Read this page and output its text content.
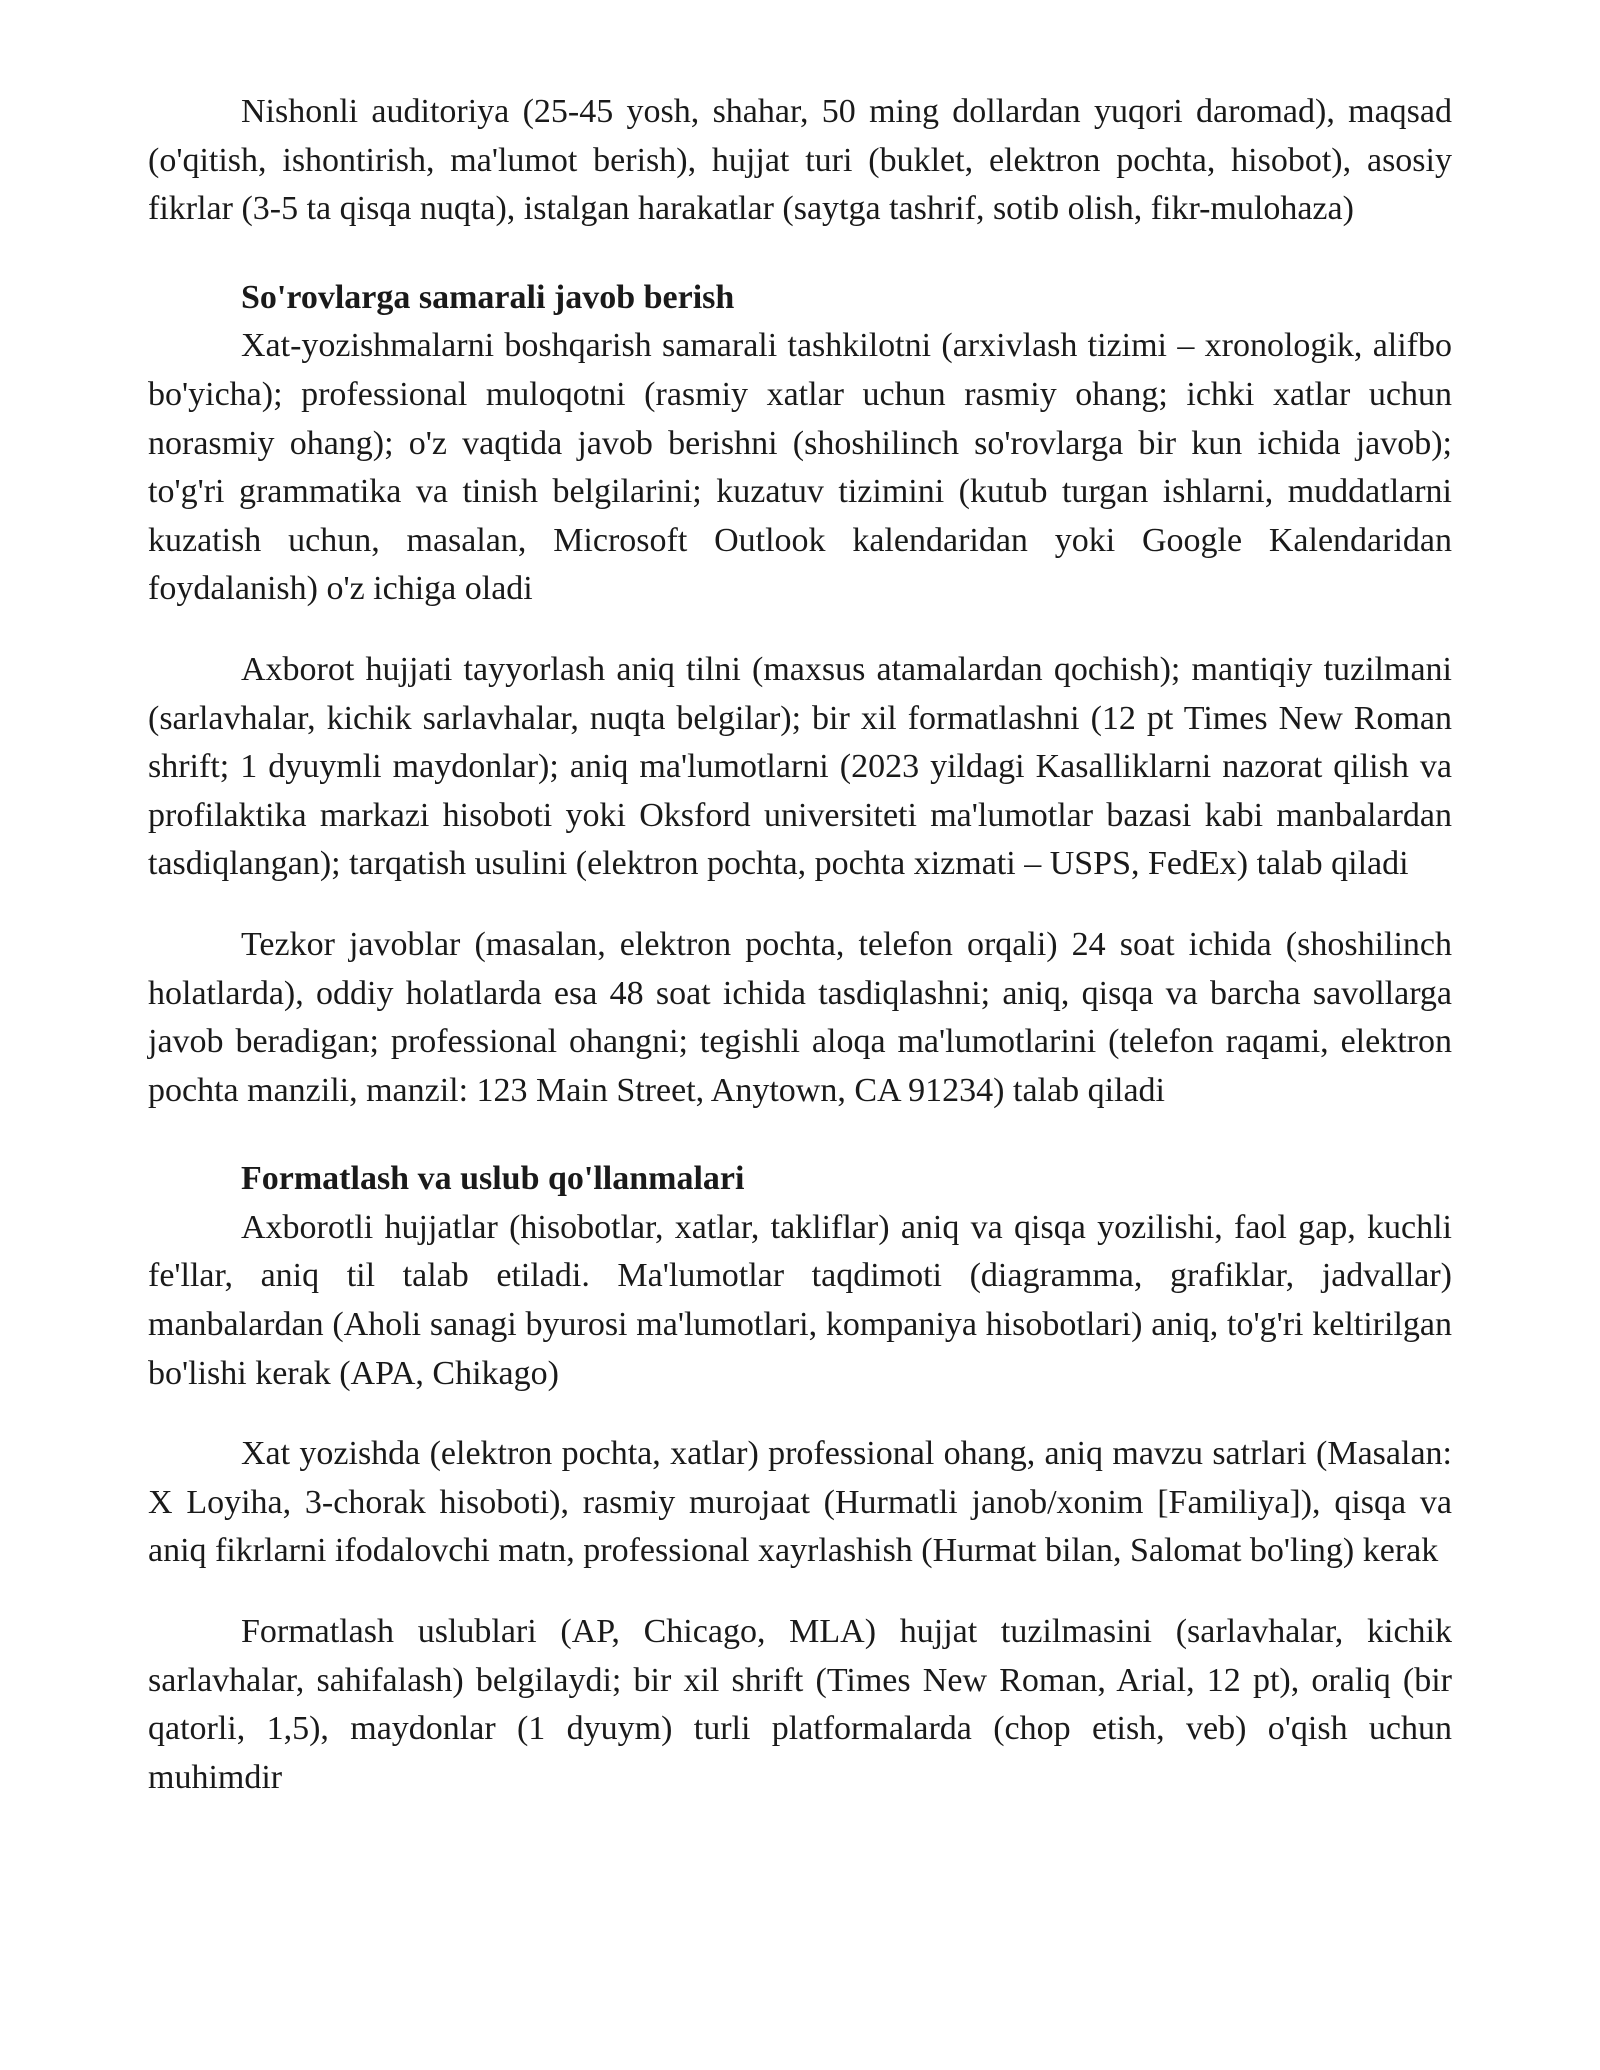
Nishonli auditoriya (25-45 yosh, shahar, 50 ming dollardan yuqori daromad), maqsad (o'qitish, ishontirish, ma'lumot berish), hujjat turi (buklet, elektron pochta, hisobot), asosiy fikrlar (3-5 ta qisqa nuqta), istalgan harakatlar (saytga tashrif, sotib olish, fikr-mulohaza)

So'rovlarga samarali javob berish

Xat-yozishmalarni boshqarish samarali tashkilotni (arxivlash tizimi – xronologik, alifbo bo'yicha); professional muloqotni (rasmiy xatlar uchun rasmiy ohang; ichki xatlar uchun norasmiy ohang); o'z vaqtida javob berishni (shoshilinch so'rovlarga bir kun ichida javob); to'g'ri grammatika va tinish belgilarini; kuzatuv tizimini (kutub turgan ishlarni, muddatlarni kuzatish uchun, masalan, Microsoft Outlook kalendaridan yoki Google Kalendaridan foydalanish) o'z ichiga oladi

Axborot hujjati tayyorlash aniq tilni (maxsus atamalardan qochish); mantiqiy tuzilmani (sarlavhalar, kichik sarlavhalar, nuqta belgilar); bir xil formatlashni (12 pt Times New Roman shrift; 1 dyuymli maydonlar); aniq ma'lumotlarni (2023 yildagi Kasalliklarni nazorat qilish va profilaktika markazi hisoboti yoki Oksford universiteti ma'lumotlar bazasi kabi manbalardan tasdiqlangan); tarqatish usulini (elektron pochta, pochta xizmati – USPS, FedEx) talab qiladi

Tezkor javoblar (masalan, elektron pochta, telefon orqali) 24 soat ichida (shoshilinch holatlarda), oddiy holatlarda esa 48 soat ichida tasdiqlashni; aniq, qisqa va barcha savollarga javob beradigan; professional ohangni; tegishli aloqa ma'lumotlarini (telefon raqami, elektron pochta manzili, manzil: 123 Main Street, Anytown, CA 91234) talab qiladi

Formatlash va uslub qo'llanmalari

Axborotli hujjatlar (hisobotlar, xatlar, takliflar) aniq va qisqa yozilishi, faol gap, kuchli fe'llar, aniq til talab etiladi. Ma'lumotlar taqdimoti (diagramma, grafiklar, jadvallar) manbalardan (Aholi sanagi byurosi ma'lumotlari, kompaniya hisobotlari) aniq, to'g'ri keltirilgan bo'lishi kerak (APA, Chikago)

Xat yozishda (elektron pochta, xatlar) professional ohang, aniq mavzu satrlari (Masalan: X Loyiha, 3-chorak hisoboti), rasmiy murojaat (Hurmatli janob/xonim [Familiya]), qisqa va aniq fikrlarni ifodalovchi matn, professional xayrlashish (Hurmat bilan, Salomat bo'ling) kerak

Formatlash uslublari (AP, Chicago, MLA) hujjat tuzilmasini (sarlavhalar, kichik sarlavhalar, sahifalash) belgilaydi; bir xil shrift (Times New Roman, Arial, 12 pt), oraliq (bir qatorli, 1,5), maydonlar (1 dyuym) turli platformalarda (chop etish, veb) o'qish uchun muhimdir
